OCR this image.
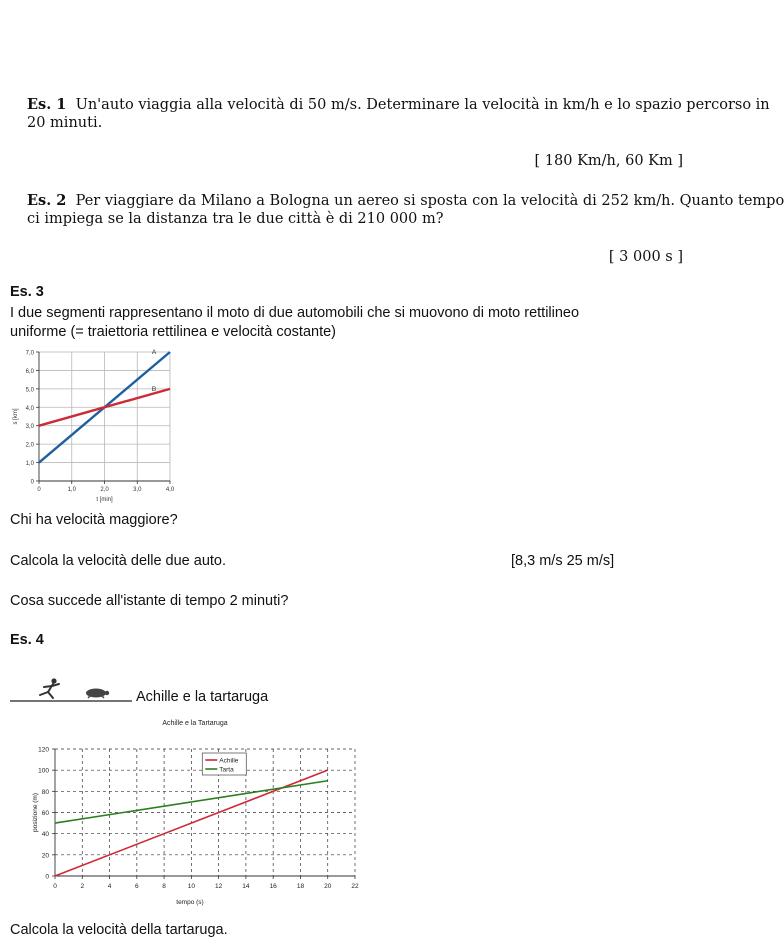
Es. 1 Un'auto viaggia alla velocità di 50 m/s. Determinare la velocità in km/h e lo spazio percorso in
20 minuti.
[ 180 Km/h, 60 Km ]
Es. 2 Per viaggiare da Milano a Bologna un aereo si sposta con la velocità di 252 km/h. Quanto tempo
ci impiega se la distanza tra le due città è di 210 000 m?
[ 3 000 s ]
Es. 3
I due segmenti rappresentano il moto di due automobili che si muovono di moto rettilineo
uniforme (= traiettoria rettilinea e velocità costante)
0
1,0
2,0
3,0
4,0
5,0
6,0
7,0
0	1,0	2,0	3,0	4,0
t [min]
s [km]
A
B
Chi ha velocità maggiore?
Calcola la velocità delle due auto.	[8,3 m/s 25 m/s]
Cosa succede all'istante di tempo 2 minuti?
Es. 4
Achille e la tartaruga
Achille e la Tartaruga
0
20
40
60
80
100
120
0	2	4	6	8	10	12	14	16	18	20	22
tempo (s)
posizione (m)
Achille
Tarta
Calcola la velocità della tartaruga.
